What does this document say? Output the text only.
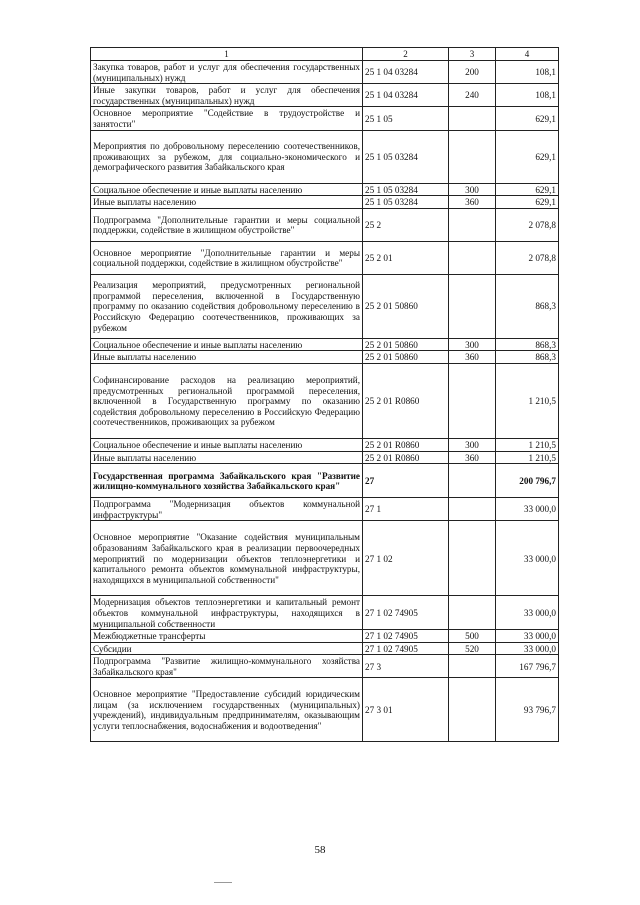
1	2	3	4
Закупка товаров, работ и услуг для обеспечения государственных (муниципальных) нужд	25 1 04 03284	200	108,1
Иные закупки товаров, работ и услуг для обеспечения государственных (муниципальных) нужд	25 1 04 03284	240	108,1
Основное мероприятие "Содействие в трудоустройстве и занятости"	25 1 05		629,1
Мероприятия по добровольному переселению соотечественников, проживающих за рубежом, для социально-экономического и демографического развития Забайкальского края	25 1 05 03284		629,1
Социальное обеспечение и иные выплаты населению	25 1 05 03284	300	629,1
Иные выплаты населению	25 1 05 03284	360	629,1
Подпрограмма "Дополнительные гарантии и меры социальной поддержки, содействие в жилищном обустройстве"	25 2		2 078,8
Основное мероприятие "Дополнительные гарантии и меры социальной поддержки, содействие в жилищном обустройстве"	25 2 01		2 078,8
Реализация мероприятий, предусмотренных региональной программой переселения, включенной в Государственную программу по оказанию содействия добровольному переселению в Российскую Федерацию соотечественников, проживающих за рубежом	25 2 01 50860		868,3
Социальное обеспечение и иные выплаты населению	25 2 01 50860	300	868,3
Иные выплаты населению	25 2 01 50860	360	868,3
Софинансирование расходов на реализацию мероприятий, предусмотренных региональной программой переселения, включенной в Государственную программу по оказанию содействия добровольному переселению в Российскую Федерацию соотечественников, проживающих за рубежом	25 2 01 R0860		1 210,5
Социальное обеспечение и иные выплаты населению	25 2 01 R0860	300	1 210,5
Иные выплаты населению	25 2 01 R0860	360	1 210,5
Государственная программа Забайкальского края "Развитие жилищно-коммунального хозяйства Забайкальского края"	27		200 796,7
Подпрограмма "Модернизация объектов коммунальной инфраструктуры"	27 1		33 000,0
Основное мероприятие "Оказание содействия муниципальным образованиям Забайкальского края в реализации первоочередных мероприятий по модернизации объектов теплоэнергетики и капитального ремонта объектов коммунальной инфраструктуры, находящихся в муниципальной собственности"	27 1 02		33 000,0
Модернизация объектов теплоэнергетики и капитальный ремонт объектов коммунальной инфраструктуры, находящихся в муниципальной собственности	27 1 02 74905		33 000,0
Межбюджетные трансферты	27 1 02 74905	500	33 000,0
Субсидии	27 1 02 74905	520	33 000,0
Подпрограмма "Развитие жилищно-коммунального хозяйства Забайкальского края"	27 3		167 796,7
Основное мероприятие "Предоставление субсидий юридическим лицам (за исключением государственных (муниципальных) учреждений), индивидуальным предпринимателям, оказывающим услуги теплоснабжения, водоснабжения и водоотведения"	27 3 01		93 796,7
58
